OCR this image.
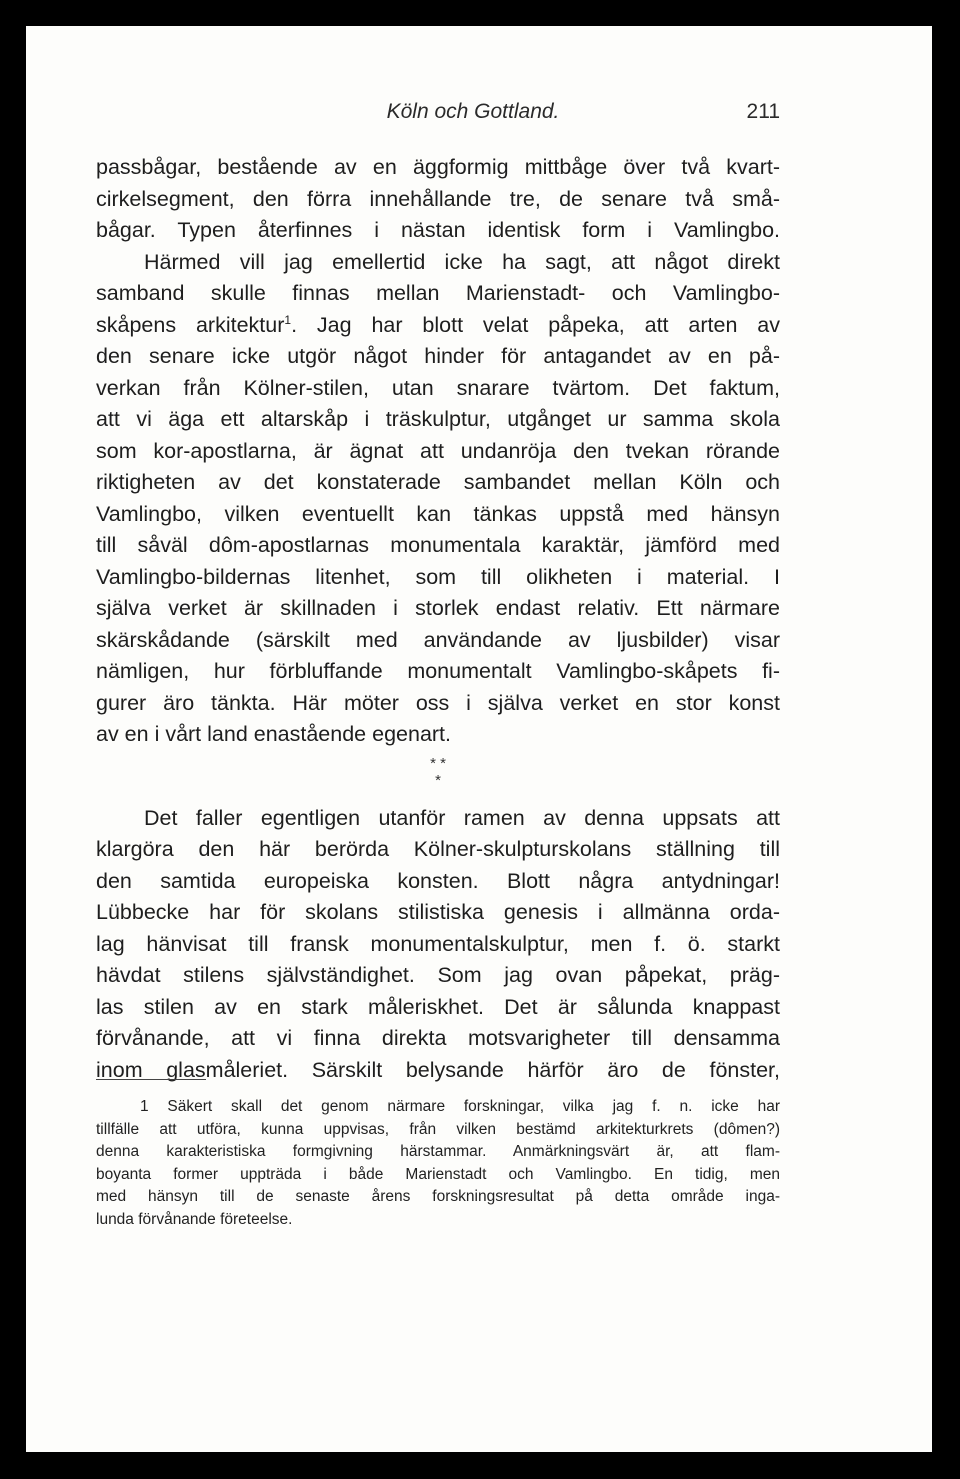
Köln och Gottland.	211
passbågar, bestående av en äggformig mittbåge över två kvart-
cirkelsegment, den förra innehållande tre, de senare två små-
bågar. Typen återfinnes i nästan identisk form i Vamlingbo.
Härmed vill jag emellertid icke ha sagt, att något direkt
samband skulle finnas mellan Marienstadt- och Vamlingbo-
skåpens arkitektur$^1$. Jag har blott velat påpeka, att arten av
den senare icke utgör något hinder för antagandet av en på-
verkan från Kölner-stilen, utan snarare tvärtom. Det faktum,
att vi äga ett altarskåp i träskulptur, utgånget ur samma skola
som kor-apostlarna, är ägnat att undanröja den tvekan rörande
riktigheten av det konstaterade sambandet mellan Köln och
Vamlingbo, vilken eventuellt kan tänkas uppstå med hänsyn
till såväl dôm-apostlarnas monumentala karaktär, jämförd med
Vamlingbo-bildernas litenhet, som till olikheten i material. I
själva verket är skillnaden i storlek endast relativ. Ett närmare
skärskådande (särskilt med användande av ljusbilder) visar
nämligen, hur förbluffande monumentalt Vamlingbo-skåpets fi-
gurer äro tänkta. Här möter oss i själva verket en stor konst
av en i vårt land enastående egenart.
* *
*
Det faller egentligen utanför ramen av denna uppsats att
klargöra den här berörda Kölner-skulpturskolans ställning till
den samtida europeiska konsten. Blott några antydningar!
Lübbecke har för skolans stilistiska genesis i allmänna orda-
lag hänvisat till fransk monumentalskulptur, men f. ö. starkt
hävdat stilens självständighet. Som jag ovan påpekat, präg-
las stilen av en stark måleriskhet. Det är sålunda knappast
förvånande, att vi finna direkta motsvarigheter till densamma
inom glasmåleriet. Särskilt belysande härför äro de fönster,
1 Säkert skall det genom närmare forskningar, vilka jag f. n. icke har
tillfälle att utföra, kunna uppvisas, från vilken bestämd arkitekturkrets (dômen?)
denna karakteristiska formgivning härstammar. Anmärkningsvärt är, att flam-
boyanta former uppträda i både Marienstadt och Vamlingbo. En tidig, men
med hänsyn till de senaste årens forskningsresultat på detta område inga-
lunda förvånande företeelse.
